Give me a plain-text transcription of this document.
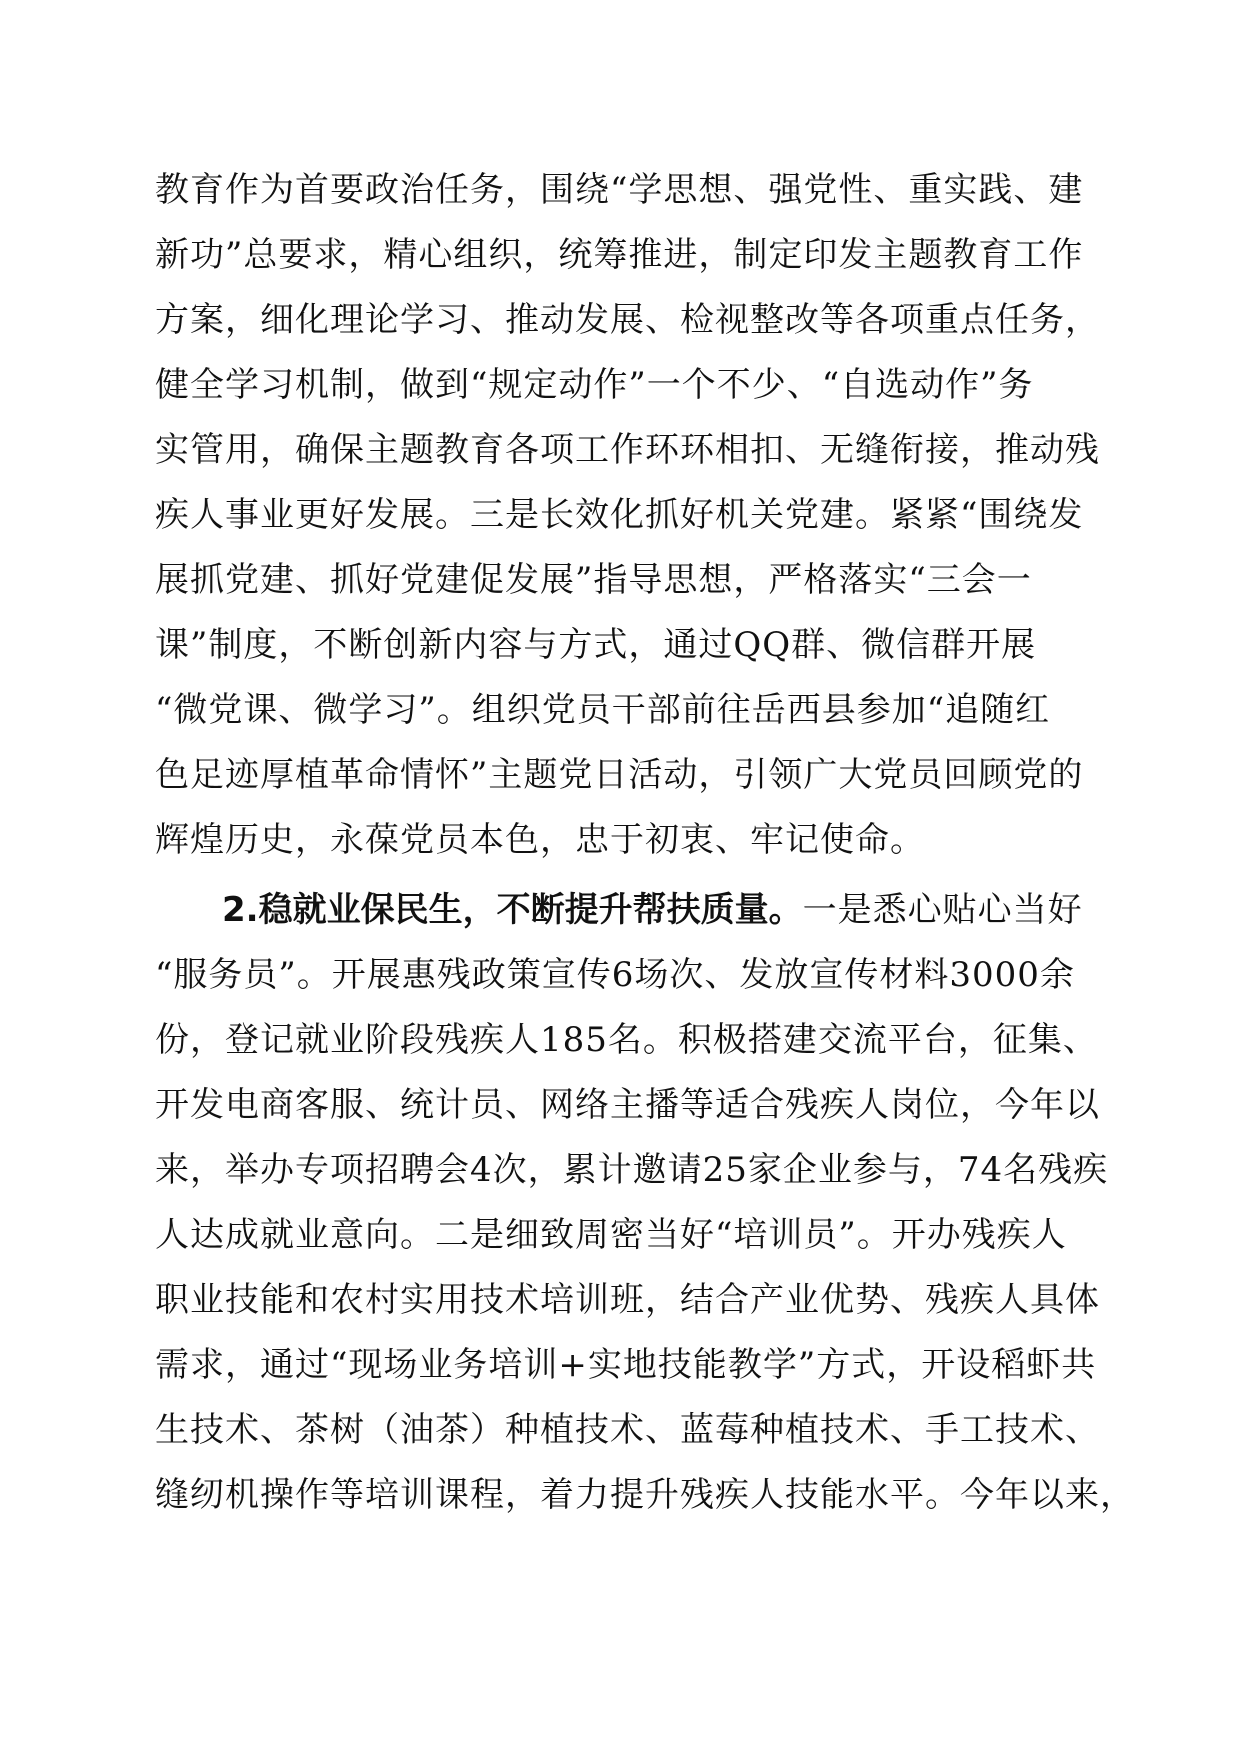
教育作为首要政治任务，围绕“学思想、强党性、重实践、建
新功”总要求，精心组织，统筹推进，制定印发主题教育工作
方案，细化理论学习、推动发展、检视整改等各项重点任务，
健全学习机制，做到“规定动作”一个不少、“自选动作”务
实管用，确保主题教育各项工作环环相扣、无缝衔接，推动残
疾人事业更好发展。三是长效化抓好机关党建。紧紧“围绕发
展抓党建、抓好党建促发展”指导思想，严格落实“三会一
课”制度，不断创新内容与方式，通过QQ群、微信群开展
“微党课、微学习”。组织党员干部前往岳西县参加“追随红
色足迹厚植革命情怀”主题党日活动，引领广大党员回顾党的
辉煌历史，永葆党员本色，忠于初衷、牢记使命。
2.稳就业保民生，不断提升帮扶质量。一是悉心贴心当好
“服务员”。开展惠残政策宣传6场次、发放宣传材料3000余
份，登记就业阶段残疾人185名。积极搭建交流平台，征集、
开发电商客服、统计员、网络主播等适合残疾人岗位，今年以
来，举办专项招聘会4次，累计邀请25家企业参与，74名残疾
人达成就业意向。二是细致周密当好“培训员”。开办残疾人
职业技能和农村实用技术培训班，结合产业优势、残疾人具体
需求，通过“现场业务培训+实地技能教学”方式，开设稻虾共
生技术、茶树（油茶）种植技术、蓝莓种植技术、手工技术、
缝纫机操作等培训课程，着力提升残疾人技能水平。今年以来，
